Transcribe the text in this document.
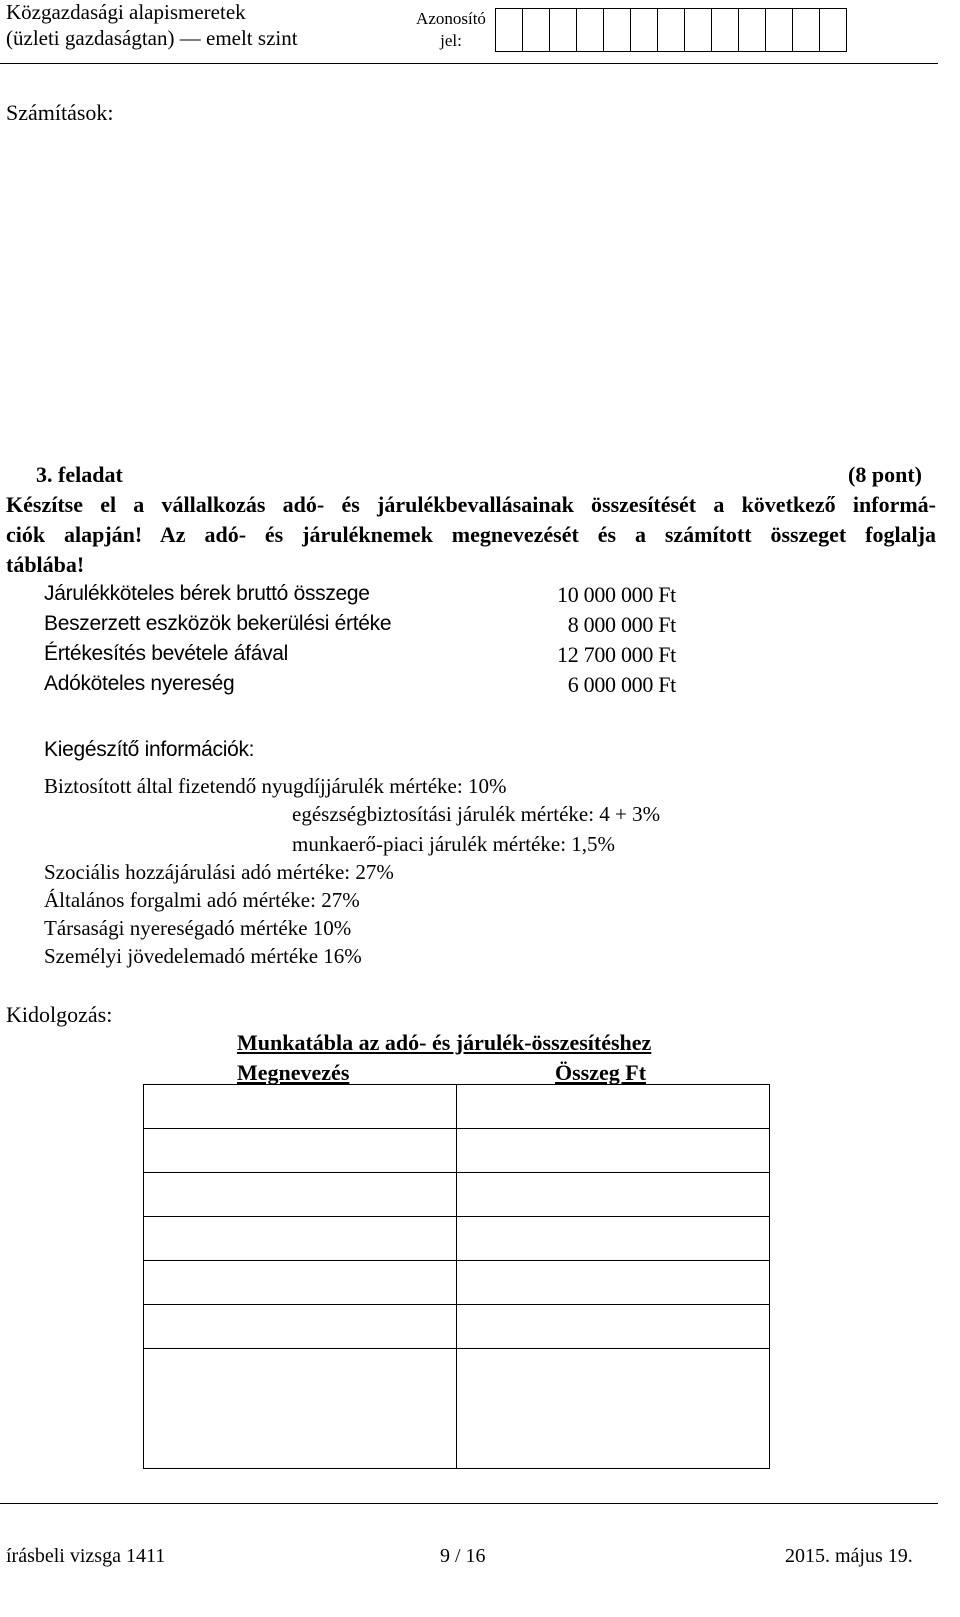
Közgazdasági alapismeretek
(üzleti gazdaságtan) — emelt szint
Azonosító
jel:
Számítások:
3. feladat	(8 pont)
Készítse el a vállalkozás adó- és járulékbevallásainak összesítését a következő informá-
ciók alapján! Az adó- és járuléknemek megnevezését és a számított összeget foglalja
táblába!
Járulékköteles bérek bruttó összege	10 000 000 Ft
Beszerzett eszközök bekerülési értéke	8 000 000 Ft
Értékesítés bevétele áfával	12 700 000 Ft
Adóköteles nyereség	6 000 000 Ft
Kiegészítő információk:
Biztosított által fizetendő nyugdíjjárulék mértéke: 10%
egészségbiztosítási járulék mértéke: 4 + 3%
munkaerő-piaci járulék mértéke: 1,5%
Szociális hozzájárulási adó mértéke: 27%
Általános forgalmi adó mértéke: 27%
Társasági nyereségadó mértéke 10%
Személyi jövedelemadó mértéke 16%
Kidolgozás:
Munkatábla az adó- és járulék-összesítéshez
Megnevezés	Összeg Ft

írásbeli vizsga 1411	9 / 16	2015. május 19.
